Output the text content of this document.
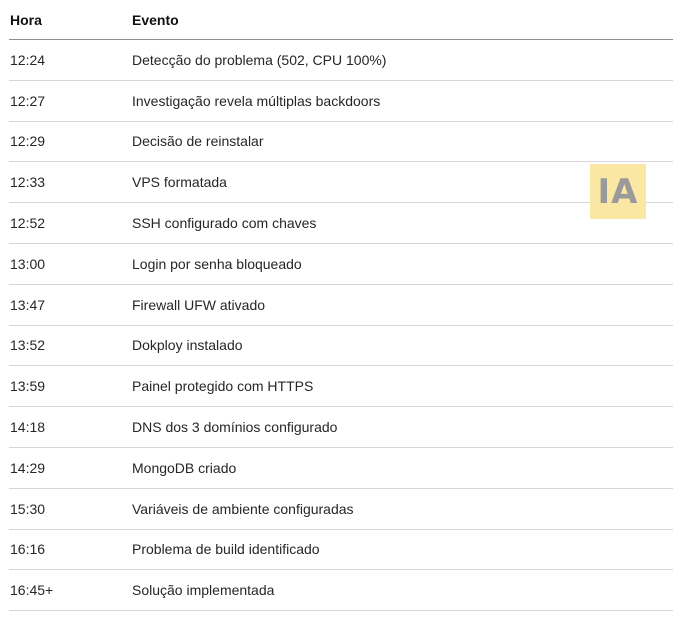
Hora	Evento
12:24	Detecção do problema (502, CPU 100%)
12:27	Investigação revela múltiplas backdoors
12:29	Decisão de reinstalar
12:33	VPS formatada
12:52	SSH configurado com chaves
13:00	Login por senha bloqueado
13:47	Firewall UFW ativado
13:52	Dokploy instalado
13:59	Painel protegido com HTTPS
14:18	DNS dos 3 domínios configurado
14:29	MongoDB criado
15:30	Variáveis de ambiente configuradas
16:16	Problema de build identificado
16:45+	Solução implementada
IA
